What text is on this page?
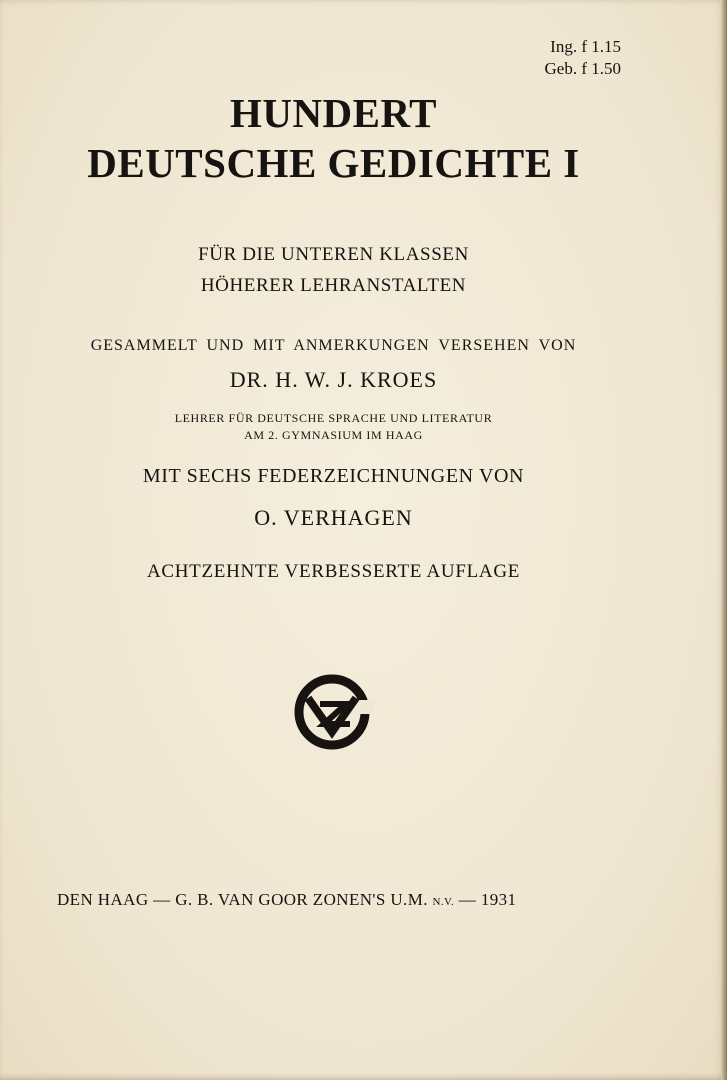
Ing. f 1.15
Geb. f 1.50
HUNDERT
DEUTSCHE GEDICHTE I
FÜR DIE UNTEREN KLASSEN
HÖHERER LEHRANSTALTEN
GESAMMELT UND MIT ANMERKUNGEN VERSEHEN VON
DR. H. W. J. KROES
LEHRER FÜR DEUTSCHE SPRACHE UND LITERATUR
AM 2. GYMNASIUM IM HAAG
MIT SECHS FEDERZEICHNUNGEN VON
O. VERHAGEN
ACHTZEHNTE VERBESSERTE AUFLAGE
DEN HAAG — G. B. VAN GOOR ZONEN'S U.M. N.V. — 1931
